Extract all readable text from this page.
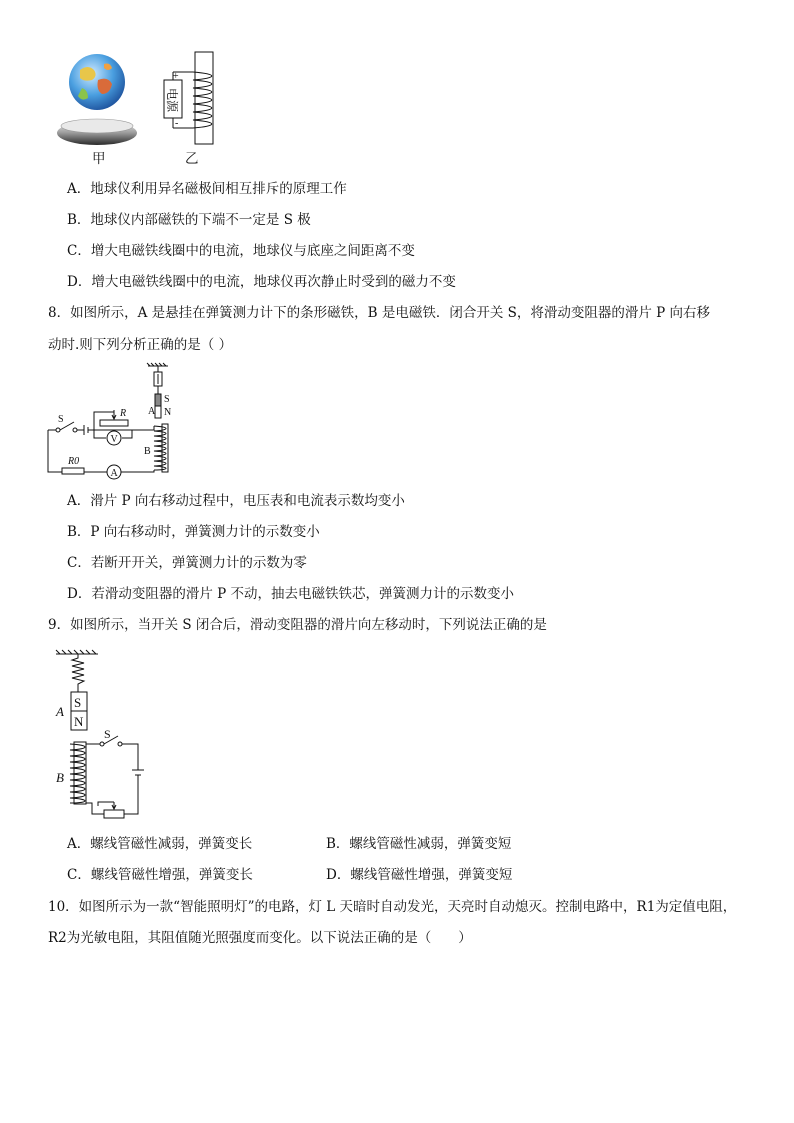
甲
电源
+
-
乙
A．地球仪利用异名磁极间相互排斥的原理工作
B．地球仪内部磁铁的下端不一定是 S 极
C．增大电磁铁线圈中的电流，地球仪与底座之间距离不变
D．增大电磁铁线圈中的电流，地球仪再次静止时受到的磁力不变
8．如图所示，A 是悬挂在弹簧测力计下的条形磁铁，B 是电磁铁．闭合开关 S，将滑动变阻器的滑片 P 向右移
动时.则下列分析正确的是（ ）
A
S
N
B
S
R
V
R0
A
A．滑片 P 向右移动过程中，电压表和电流表示数均变小
B．P 向右移动时，弹簧测力计的示数变小
C．若断开开关，弹簧测力计的示数为零
D．若滑动变阻器的滑片 P 不动，抽去电磁铁铁芯，弹簧测力计的示数变小
9．如图所示，当开关 S 闭合后，滑动变阻器的滑片向左移动时，下列说法正确的是
S
N
A
B
S
A．螺线管磁性减弱，弹簧变长	B．螺线管磁性减弱，弹簧变短
C．螺线管磁性增强，弹簧变长	D．螺线管磁性增强，弹簧变短
10．如图所示为一款“智能照明灯”的电路，灯 L 天暗时自动发光，天亮时自动熄灭。控制电路中，R1为定值电阻，
R2为光敏电阻，其阻值随光照强度而变化。以下说法正确的是（　　）
